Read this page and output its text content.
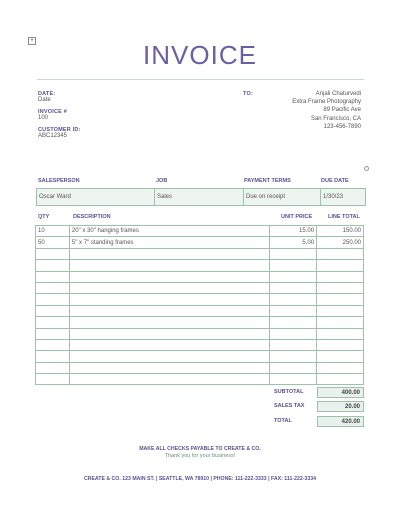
+	INVOICE
DATE:
Date
INVOICE #
100
CUSTOMER ID:
ABC12345
TO:	Anjali Chaturvedi
Extra Frame Photography
89 Pacific Ave
San Francisco, CA
123-456-7890
SALESPERSON	JOB	PAYMENT TERMS	DUE DATE
Oscar Ward	Sales	Due on receipt	1/30/23
QTY	DESCRIPTION	UNIT PRICE	LINE TOTAL
10	20" x 30" hanging frames	15.00	150.00
50	5" x 7" standing frames	5.00	250.00

SUBTOTAL	400.00
SALES TAX	20.00
TOTAL	420.00
MAKE ALL CHECKS PAYABLE TO CREATE & CO.
Thank you for your business!
CREATE & CO. 123 MAIN ST. | SEATTLE, WA 78910 | PHONE: 111-222-3333 | FAX: 111-222-3334
